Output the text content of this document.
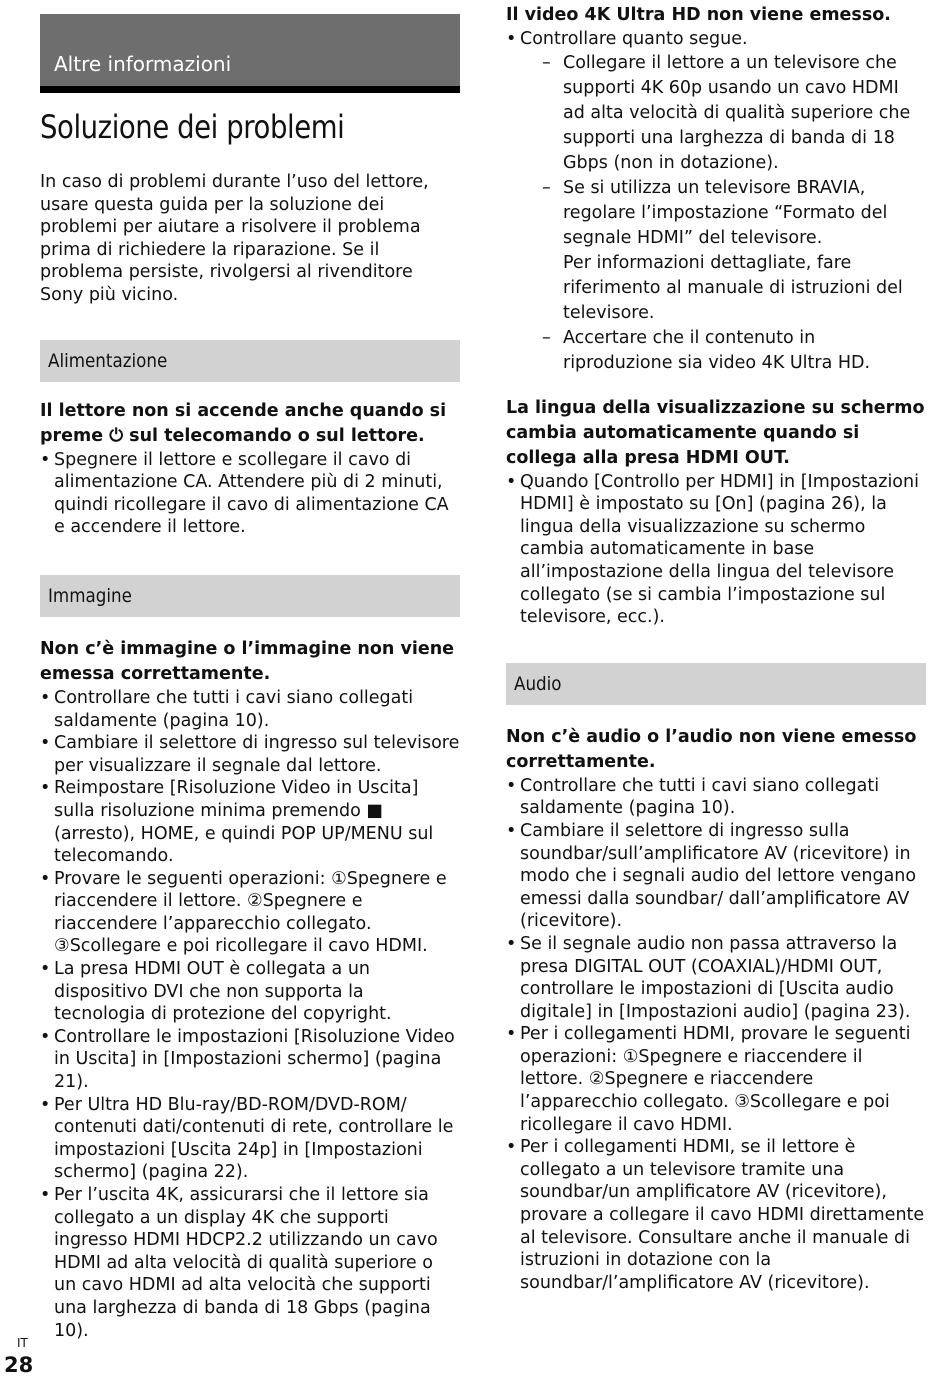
Altre informazioni
Soluzione dei problemi

In caso di problemi durante l’uso del lettore, usare questa guida per la soluzione dei problemi per aiutare a risolvere il problema prima di richiedere la riparazione. Se il problema persiste, rivolgersi al rivenditore Sony più vicino.

Alimentazione

Il lettore non si accende anche quando si preme ⏻ sul telecomando o sul lettore.

• Spegnere il lettore e scollegare il cavo di alimentazione CA. Attendere più di 2 minuti, quindi ricollegare il cavo di alimentazione CA e accendere il lettore.
Immagine

Non c’è immagine o l’immagine non viene emessa correttamente.

• Controllare che tutti i cavi siano collegati saldamente (pagina 10).
• Cambiare il selettore di ingresso sul televisore per visualizzare il segnale dal lettore.
• Reimpostare [Risoluzione Video in Uscita] sulla risoluzione minima premendo ■ (arresto), HOME, e quindi POP UP/MENU sul telecomando.
• Provare le seguenti operazioni: ①Spegnere e riaccendere il lettore. ②Spegnere e riaccendere l’apparecchio collegato. ③Scollegare e poi ricollegare il cavo HDMI.
• La presa HDMI OUT è collegata a un dispositivo DVI che non supporta la tecnologia di protezione del copyright.
• Controllare le impostazioni [Risoluzione Video in Uscita] in [Impostazioni schermo] (pagina 21).
• Per Ultra HD Blu-ray/BD-ROM/DVD-ROM/ contenuti dati/contenuti di rete, controllare le impostazioni [Uscita 24p] in [Impostazioni schermo] (pagina 22).
• Per l’uscita 4K, assicurarsi che il lettore sia collegato a un display 4K che supporti ingresso HDMI HDCP2.2 utilizzando un cavo HDMI ad alta velocità di qualità superiore o un cavo HDMI ad alta velocità che supporti una larghezza di banda di 18 Gbps (pagina 10).

Il video 4K Ultra HD non viene emesso.

• Controllare quanto segue.
– Collegare il lettore a un televisore che supporti 4K 60p usando un cavo HDMI ad alta velocità di qualità superiore che supporti una larghezza di banda di 18 Gbps (non in dotazione).
– Se si utilizza un televisore BRAVIA, regolare l’impostazione “Formato del segnale HDMI” del televisore.
Per informazioni dettagliate, fare riferimento al manuale di istruzioni del televisore.
– Accertare che il contenuto in riproduzione sia video 4K Ultra HD.

La lingua della visualizzazione su schermo cambia automaticamente quando si collega alla presa HDMI OUT.

• Quando [Controllo per HDMI] in [Impostazioni HDMI] è impostato su [On] (pagina 26), la lingua della visualizzazione su schermo cambia automaticamente in base all’impostazione della lingua del televisore collegato (se si cambia l’impostazione sul televisore, ecc.).
Audio

Non c’è audio o l’audio non viene emesso correttamente.

• Controllare che tutti i cavi siano collegati saldamente (pagina 10).
• Cambiare il selettore di ingresso sulla soundbar/sull’amplificatore AV (ricevitore) in modo che i segnali audio del lettore vengano emessi dalla soundbar/ dall’amplificatore AV (ricevitore).
• Se il segnale audio non passa attraverso la presa DIGITAL OUT (COAXIAL)/HDMI OUT, controllare le impostazioni di [Uscita audio digitale] in [Impostazioni audio] (pagina 23).
• Per i collegamenti HDMI, provare le seguenti operazioni: ①Spegnere e riaccendere il lettore. ②Spegnere e riaccendere l’apparecchio collegato. ③Scollegare e poi ricollegare il cavo HDMI.
• Per i collegamenti HDMI, se il lettore è collegato a un televisore tramite una soundbar/un amplificatore AV (ricevitore), provare a collegare il cavo HDMI direttamente al televisore. Consultare anche il manuale di istruzioni in dotazione con la soundbar/l’amplificatore AV (ricevitore).
IT
28
